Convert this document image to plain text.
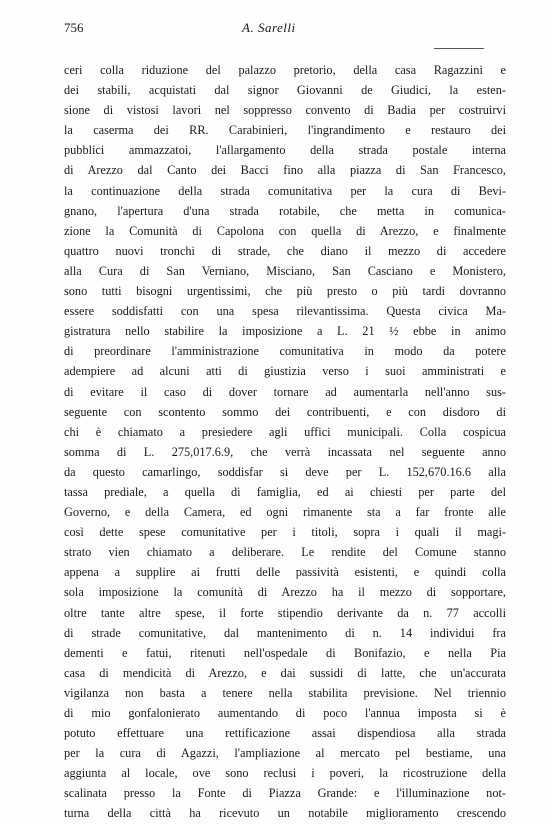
756	A. Sarelli
ceri colla riduzione del palazzo pretorio, della casa Ragazzini e
dei stabili, acquistati dal signor Giovanni de Giudici, la esten-
sione di vistosi lavori nel soppresso convento di Badia per costruirvi
la caserma dei RR. Carabinieri, l'ingrandimento e restauro dei
pubblici ammazzatoi, l'allargamento della strada postale interna
di Arezzo dal Canto dei Bacci fino alla piazza di San Francesco,
la continuazione della strada comunitativa per la cura di Bevi-
gnano, l'apertura d'una strada rotabile, che metta in comunica-
zione la Comunità di Capolona con quella di Arezzo, e finalmente
quattro nuovi tronchi di strade, che diano il mezzo di accedere
alla Cura di San Verniano, Misciano, San Casciano e Monistero,
sono tutti bisogni urgentissimi, che più presto o più tardi dovranno
essere soddisfatti con una spesa rilevantissima. Questa civica Ma-
gistratura nello stabilire la imposizione a L. 21 ½ ebbe in animo
di preordinare l'amministrazione comunitativa in modo da potere
adempiere ad alcuni atti di giustizia verso i suoi amministrati e
di evitare il caso di dover tornare ad aumentarla nell'anno sus-
seguente con scontento sommo dei contribuenti, e con disdoro di
chi è chiamato a presiedere agli uffici municipali. Colla cospicua
somma di L. 275,017.6.9, che verrà incassata nel seguente anno
da questo camarlingo, soddisfar si deve per L. 152,670.16.6 alla
tassa prediale, a quella di famiglia, ed ai chiesti per parte del
Governo, e della Camera, ed ogni rimanente sta a far fronte alle
così dette spese comunitative per i titoli, sopra i quali il magi-
strato vien chiamato a deliberare. Le rendite del Comune stanno
appena a supplire ai frutti delle passività esistenti, e quindi colla
sola imposizione la comunità di Arezzo ha il mezzo di sopportare,
oltre tante altre spese, il forte stipendio derivante da n. 77 accolli
di strade comunitative, dal mantenimento di n. 14 individui fra
dementi e fatui, ritenuti nell'ospedale di Bonifazio, e nella Pia
casa di mendicità di Arezzo, e dai sussidi di latte, che un'accurata
vigilanza non basta a tenere nella stabilita previsione. Nel triennio
di mio gonfalonierato aumentando di poco l'annua imposta si è
potuto effettuare una rettificazione assai dispendiosa alla strada
per la cura di Agazzi, l'ampliazione al mercato pel bestiame, una
aggiunta al locale, ove sono reclusi i poveri, la ricostruzione della
scalinata presso la Fonte di Piazza Grande: e l'illuminazione not-
turna della città ha ricevuto un notabile miglioramento crescendo
